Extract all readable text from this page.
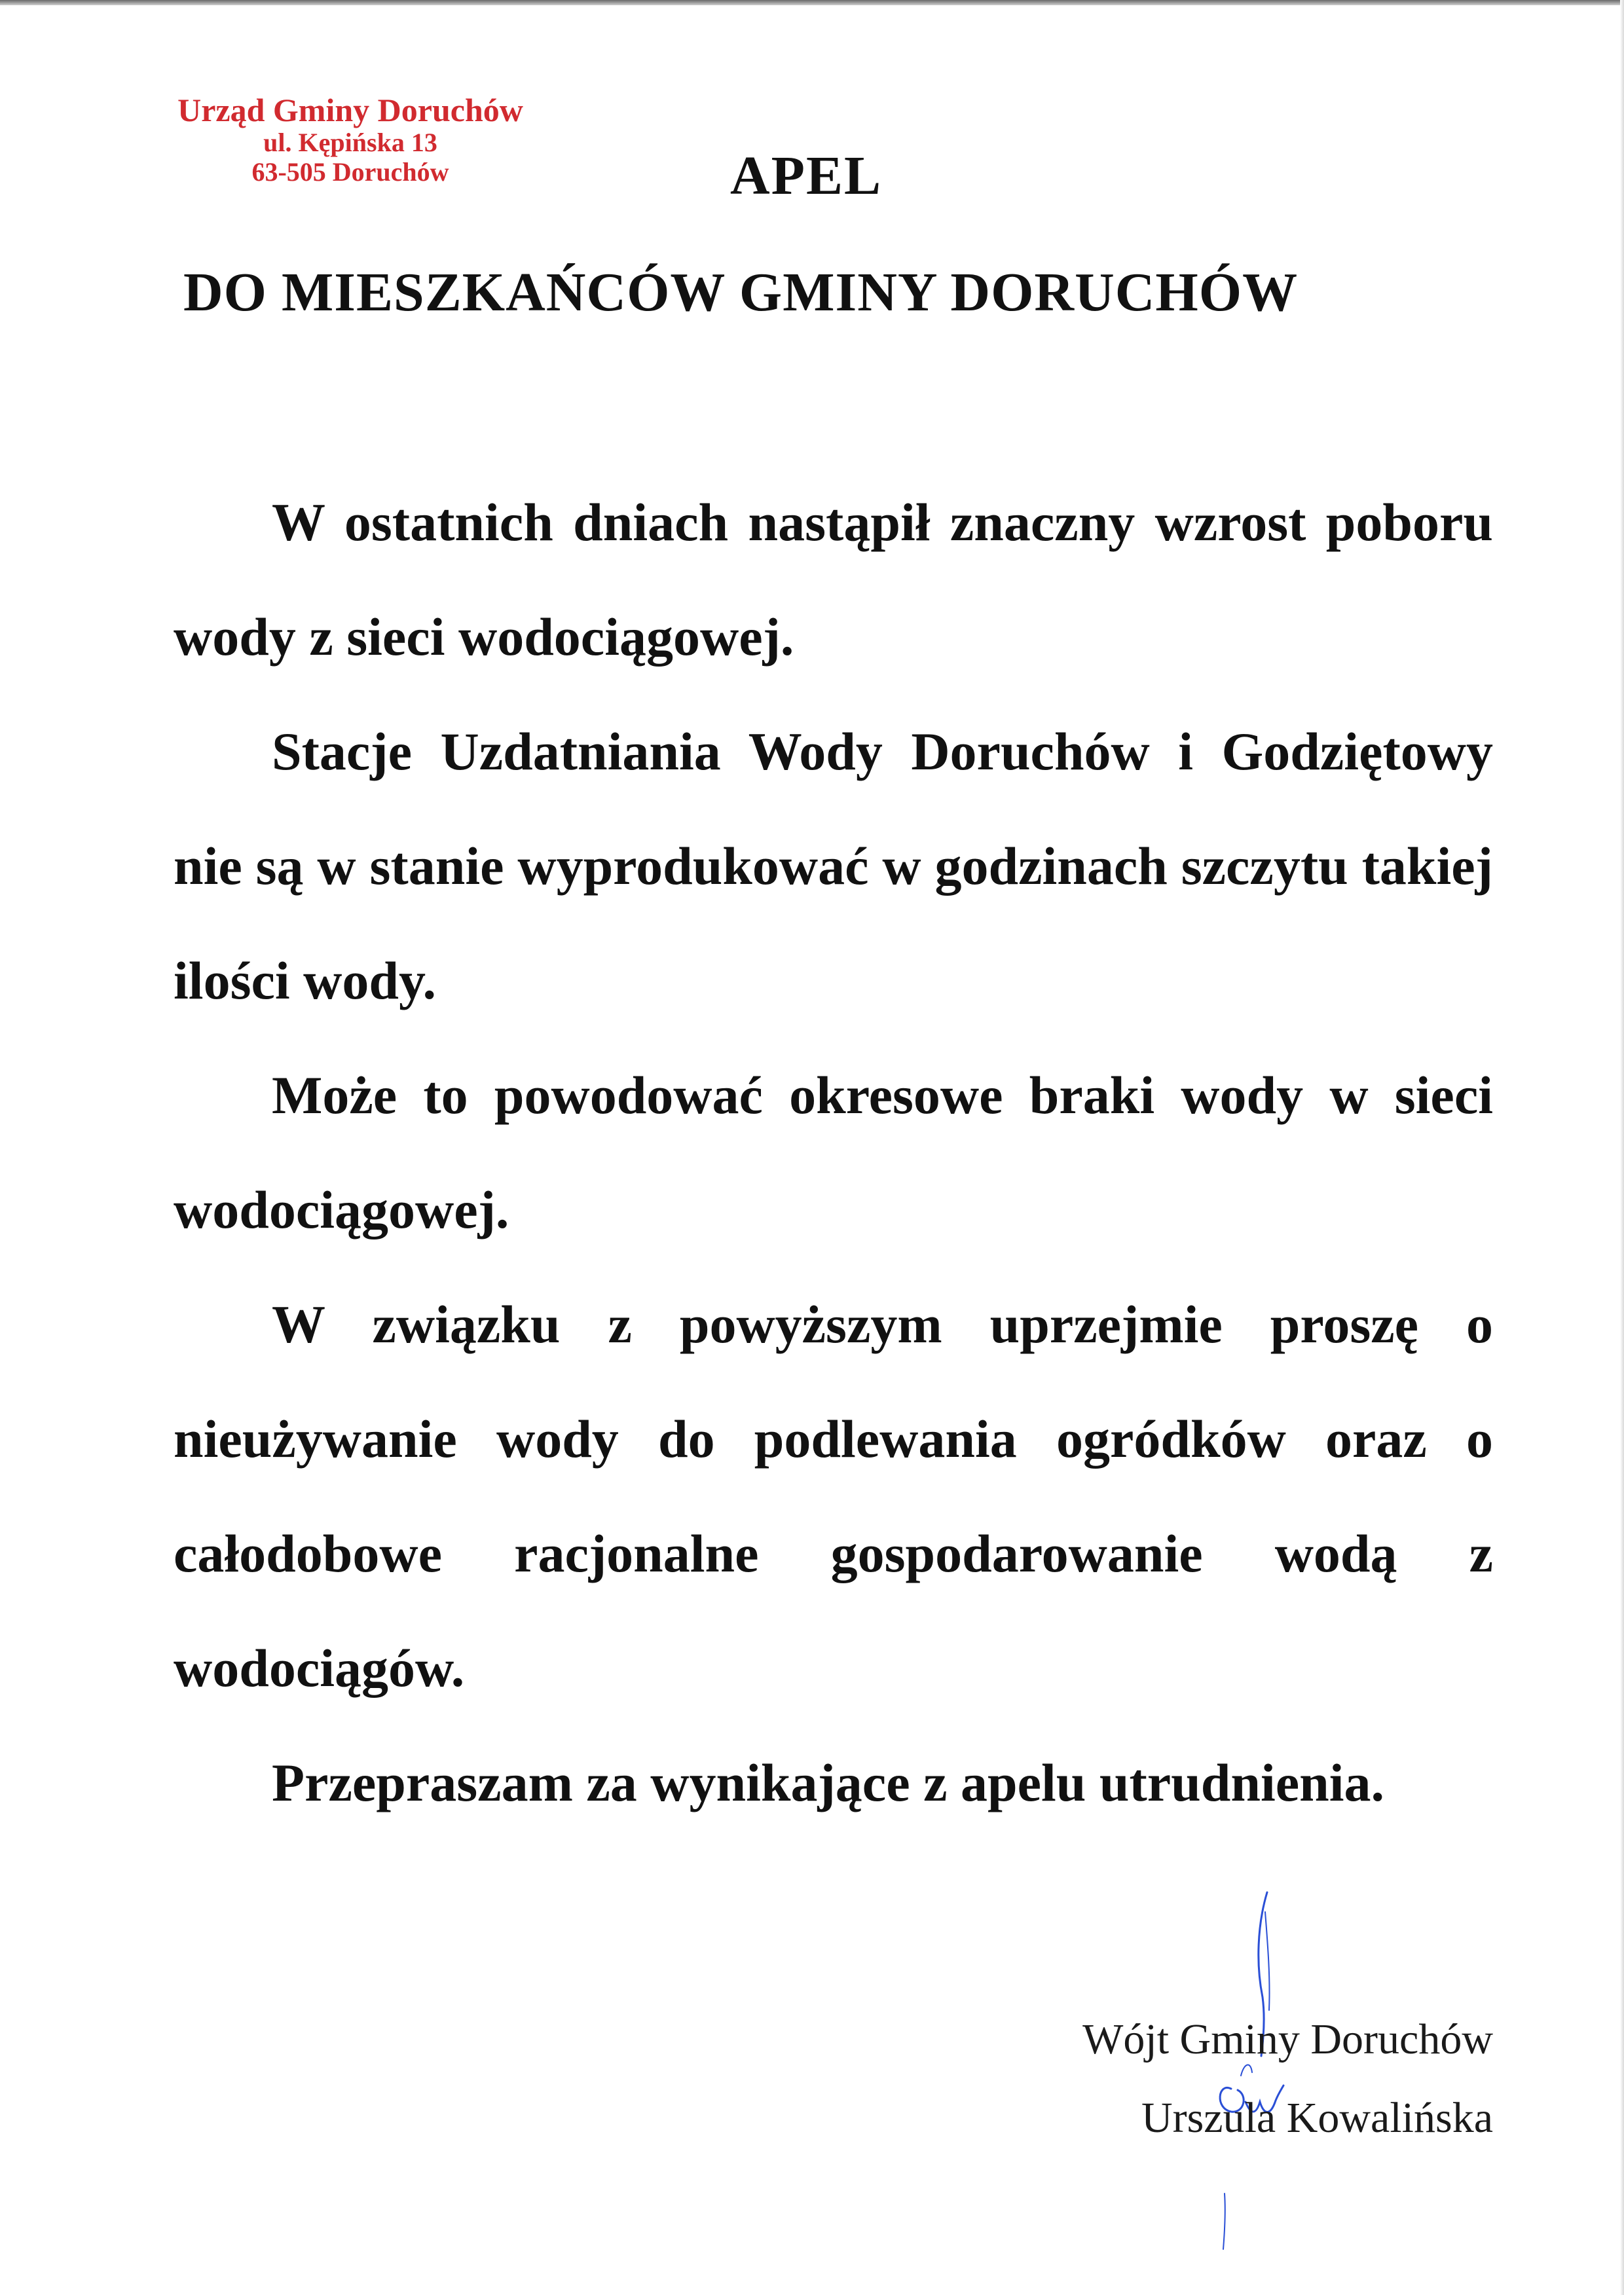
Urząd Gminy Doruchów
ul. Kępińska 13
63-505 Doruchów	APEL
DO MIESZKAŃCÓW GMINY DORUCHÓW

W ostatnich dniach nastąpił znaczny wzrost poboru wody z sieci wodociągowej.

Stacje Uzdatniania Wody Doruchów i Godziętowy nie są w stanie wyprodukować w godzinach szczytu takiej ilości wody.

Może to powodować okresowe braki wody w sieci wodociągowej.

W związku z powyższym uprzejmie proszę o nieużywanie wody do podlewania ogródków oraz o całodobowe racjonalne gospodarowanie wodą z wodociągów.

Przepraszam za wynikające z apelu utrudnienia.

Wójt Gminy Doruchów
Urszula Kowalińska
